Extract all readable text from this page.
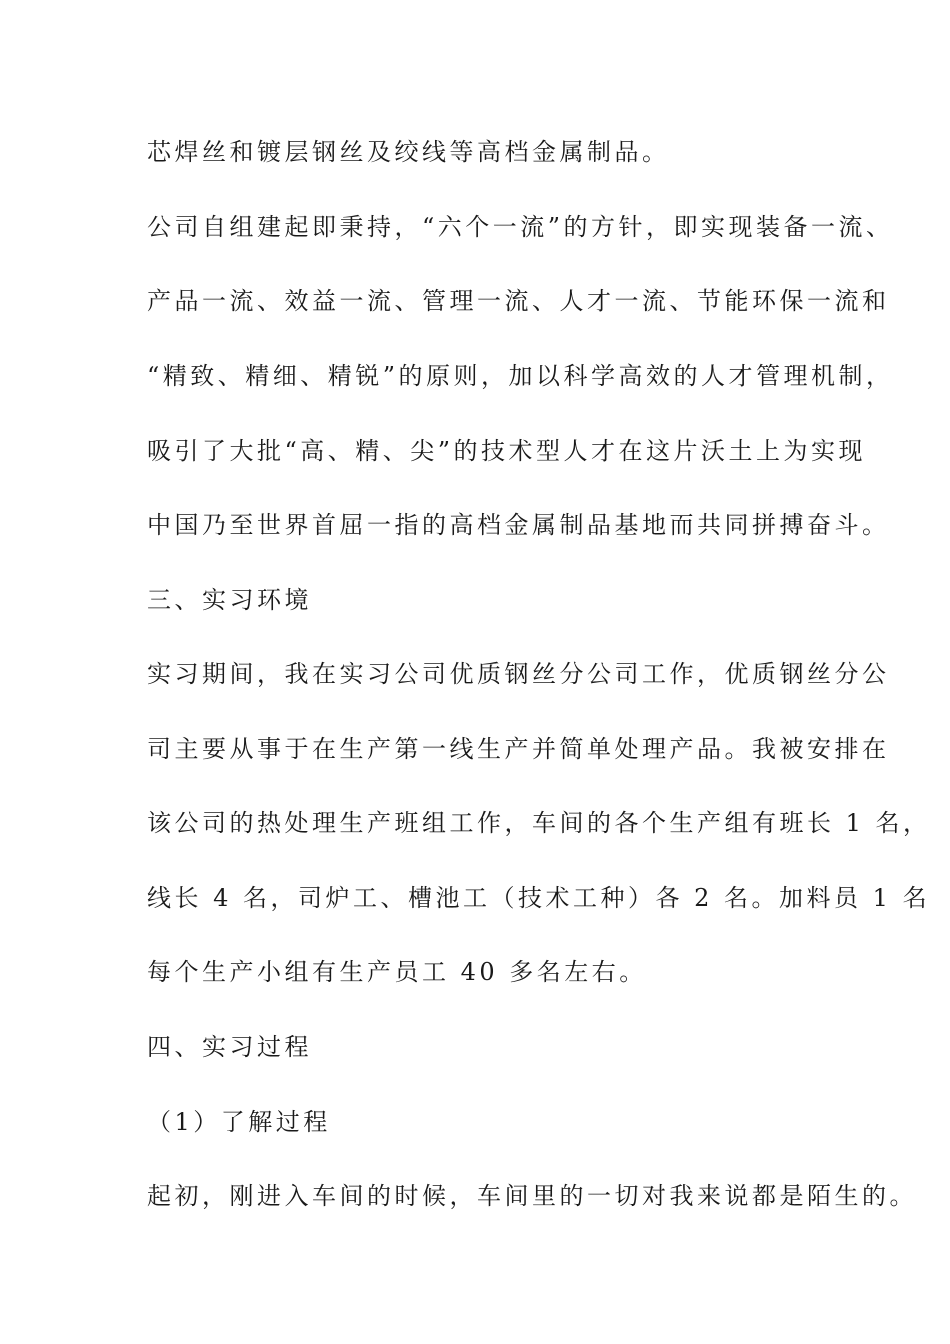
芯焊丝和镀层钢丝及绞线等高档金属制品。
公司自组建起即秉持，“六个一流”的方针，即实现装备一流、
产品一流、效益一流、管理一流、人才一流、节能环保一流和
“精致、精细、精锐”的原则，加以科学高效的人才管理机制，
吸引了大批“高、精、尖”的技术型人才在这片沃土上为实现
中国乃至世界首屈一指的高档金属制品基地而共同拼搏奋斗。
三、实习环境
实习期间，我在实习公司优质钢丝分公司工作，优质钢丝分公
司主要从事于在生产第一线生产并简单处理产品。我被安排在
该公司的热处理生产班组工作，车间的各个生产组有班长 1 名，
线长 4 名，司炉工、槽池工（技术工种）各 2 名。加料员 1 名
每个生产小组有生产员工 40 多名左右。
四、实习过程
（1）了解过程
起初，刚进入车间的时候，车间里的一切对我来说都是陌生的。
